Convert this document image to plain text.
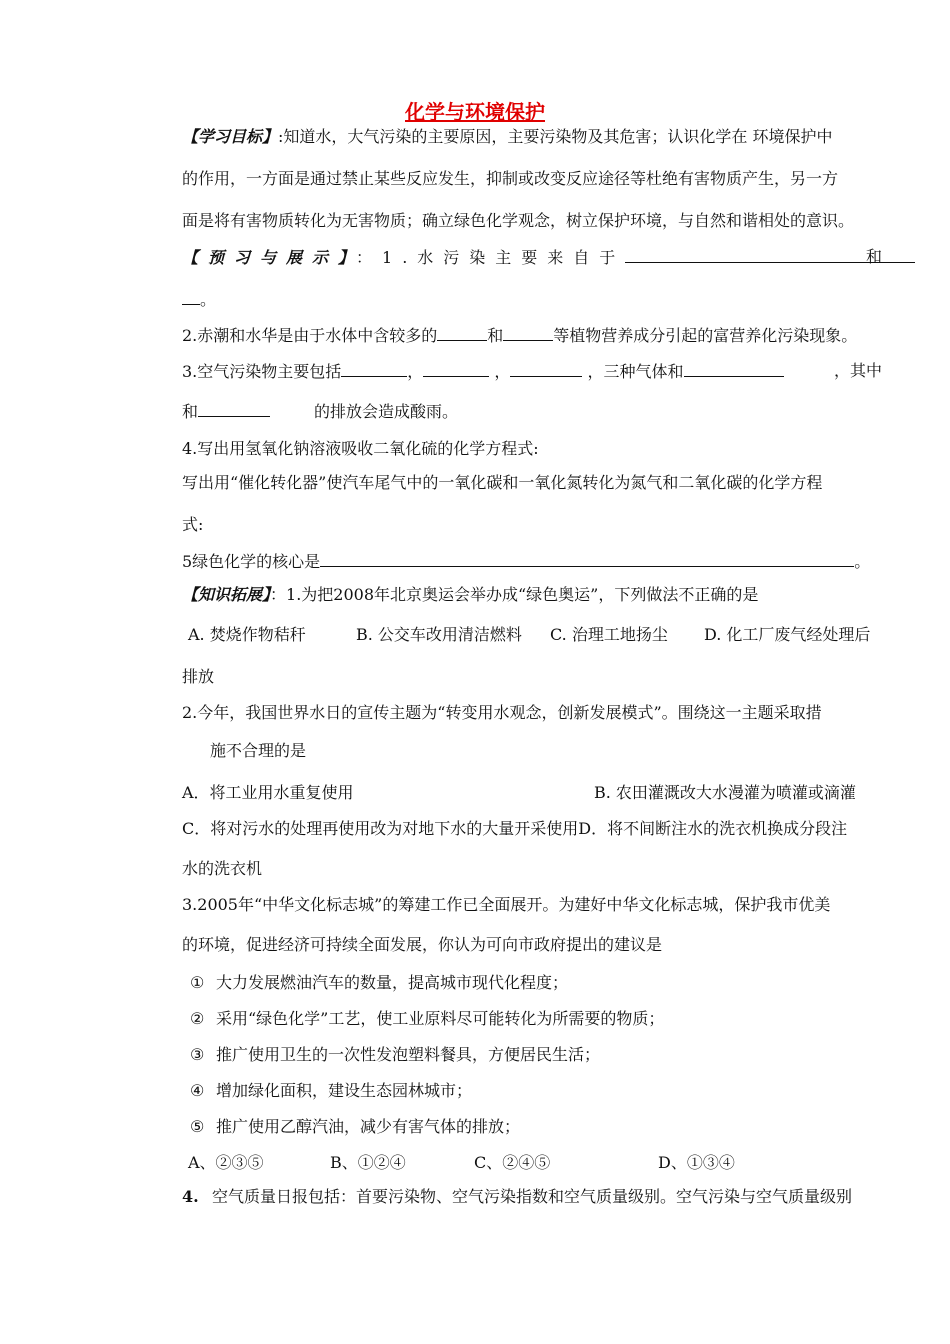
化学与环境保护
【学习目标】:知道水，大气污染的主要原因，主要污染物及其危害；认识化学在 环境保护中
的作用，一方面是通过禁止某些反应发生，抑制或改变反应途径等杜绝有害物质产生，另一方
面是将有害物质转化为无害物质；确立绿色化学观念，树立保护环境，与自然和谐相处的意识。
【预习与展示】：1.水污染主要来自于	和
。
2.赤潮和水华是由于水体中含较多的	和	等植物营养成分引起的富营养化污染现象。
3.空气污染物主要包括	，	，	，三种气体和	，其中
和	的排放会造成酸雨。
4.写出用氢氧化钠溶液吸收二氧化硫的化学方程式:
写出用“催化转化器”使汽车尾气中的一氧化碳和一氧化氮转化为氮气和二氧化碳的化学方程
式:
5绿色化学的核心是	。
【知识拓展】：1.为把2008年北京奥运会举办成“绿色奥运”，下列做法不正确的是
A. 焚烧作物秸秆	B. 公交车改用清洁燃料 C. 治理工地扬尘 D. 化工厂废气经处理后
排放
2.今年，我国世界水日的宣传主题为“转变用水观念，创新发展模式”。围绕这一主题采取措
施不合理的是
A．将工业用水重复使用	B. 农田灌溉改大水漫灌为喷灌或滴灌
C．将对污水的处理再使用改为对地下水的大量开采使用D．将不间断注水的洗衣机换成分段注
水的洗衣机
3.2005年“中华文化标志城”的筹建工作已全面展开。为建好中华文化标志城，保护我市优美
的环境，促进经济可持续全面发展，你认为可向市政府提出的建议是
① 大力发展燃油汽车的数量，提高城市现代化程度；
② 采用“绿色化学”工艺，使工业原料尽可能转化为所需要的物质；
③ 推广使用卫生的一次性发泡塑料餐具，方便居民生活；
④ 增加绿化面积，建设生态园林城市；
⑤ 推广使用乙醇汽油，减少有害气体的排放；
A、②③⑤	B、①②④	C、②④⑤	D、①③④
4. 空气质量日报包括：首要污染物、空气污染指数和空气质量级别。空气污染与空气质量级别
